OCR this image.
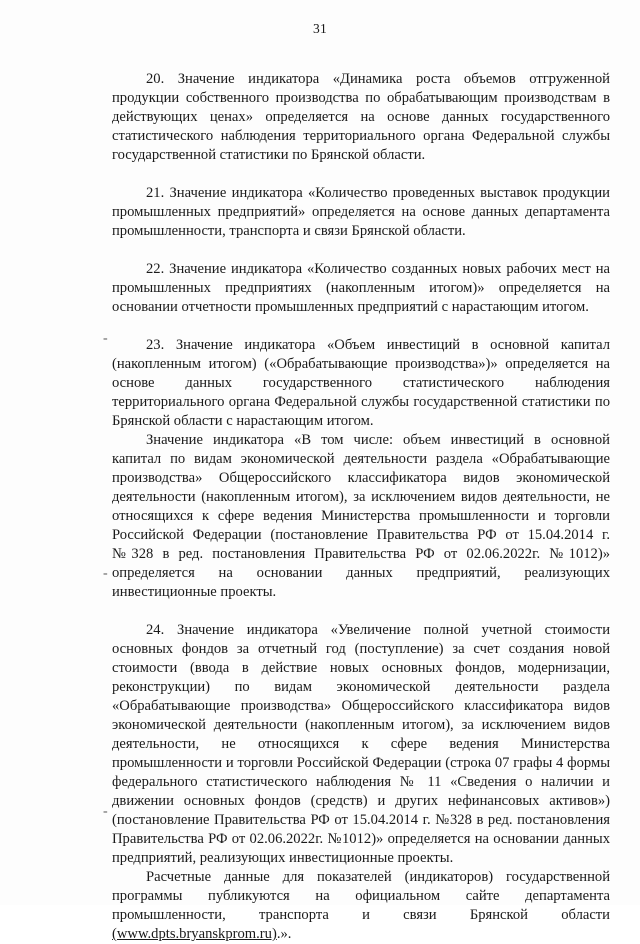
31

20. Значение индикатора «Динамика роста объемов отгруженной продукции собственного производства по обрабатывающим производствам в действующих ценах» определяется на основе данных государственного статистического наблюдения территориального органа Федеральной службы государственной статистики по Брянской области.

21. Значение индикатора «Количество проведенных выставок продукции промышленных предприятий» определяется на основе данных департамента промышленности, транспорта и связи Брянской области.

22. Значение индикатора «Количество созданных новых рабочих мест на промышленных предприятиях (накопленным итогом)» определяется на основании отчетности промышленных предприятий с нарастающим итогом.

23. Значение индикатора «Объем инвестиций в основной капитал (накопленным итогом) («Обрабатывающие производства»)» определяется на основе данных государственного статистического наблюдения территориального органа Федеральной службы государственной статистики по Брянской области с нарастающим итогом.

Значение индикатора «В том числе: объем инвестиций в основной капитал по видам экономической деятельности раздела «Обрабатывающие производства» Общероссийского классификатора видов экономической деятельности (накопленным итогом), за исключением видов деятельности, не относящихся к сфере ведения Министерства промышленности и торговли Российской Федерации (постановление Правительства РФ от 15.04.2014 г. №328 в ред. постановления Правительства РФ от 02.06.2022г. №1012)» определяется на основании данных предприятий, реализующих инвестиционные проекты.

24. Значение индикатора «Увеличение полной учетной стоимости основных фондов за отчетный год (поступление) за счет создания новой стоимости (ввода в действие новых основных фондов, модернизации, реконструкции) по видам экономической деятельности раздела «Обрабатывающие производства» Общероссийского классификатора видов экономической деятельности (накопленным итогом), за исключением видов деятельности, не относящихся к сфере ведения Министерства промышленности и торговли Российской Федерации (строка 07 графы 4 формы федерального статистического наблюдения № 11 «Сведения о наличии и движении основных фондов (средств) и других нефинансовых активов») (постановление Правительства РФ от 15.04.2014 г. №328 в ред. постановления Правительства РФ от 02.06.2022г. №1012)» определяется на основании данных предприятий, реализующих инвестиционные проекты.

Расчетные данные для показателей (индикаторов) государственной программы публикуются на официальном сайте департамента промышленности, транспорта и связи Брянской области (www.dpts.bryanskprom.ru).».

-
-
-
